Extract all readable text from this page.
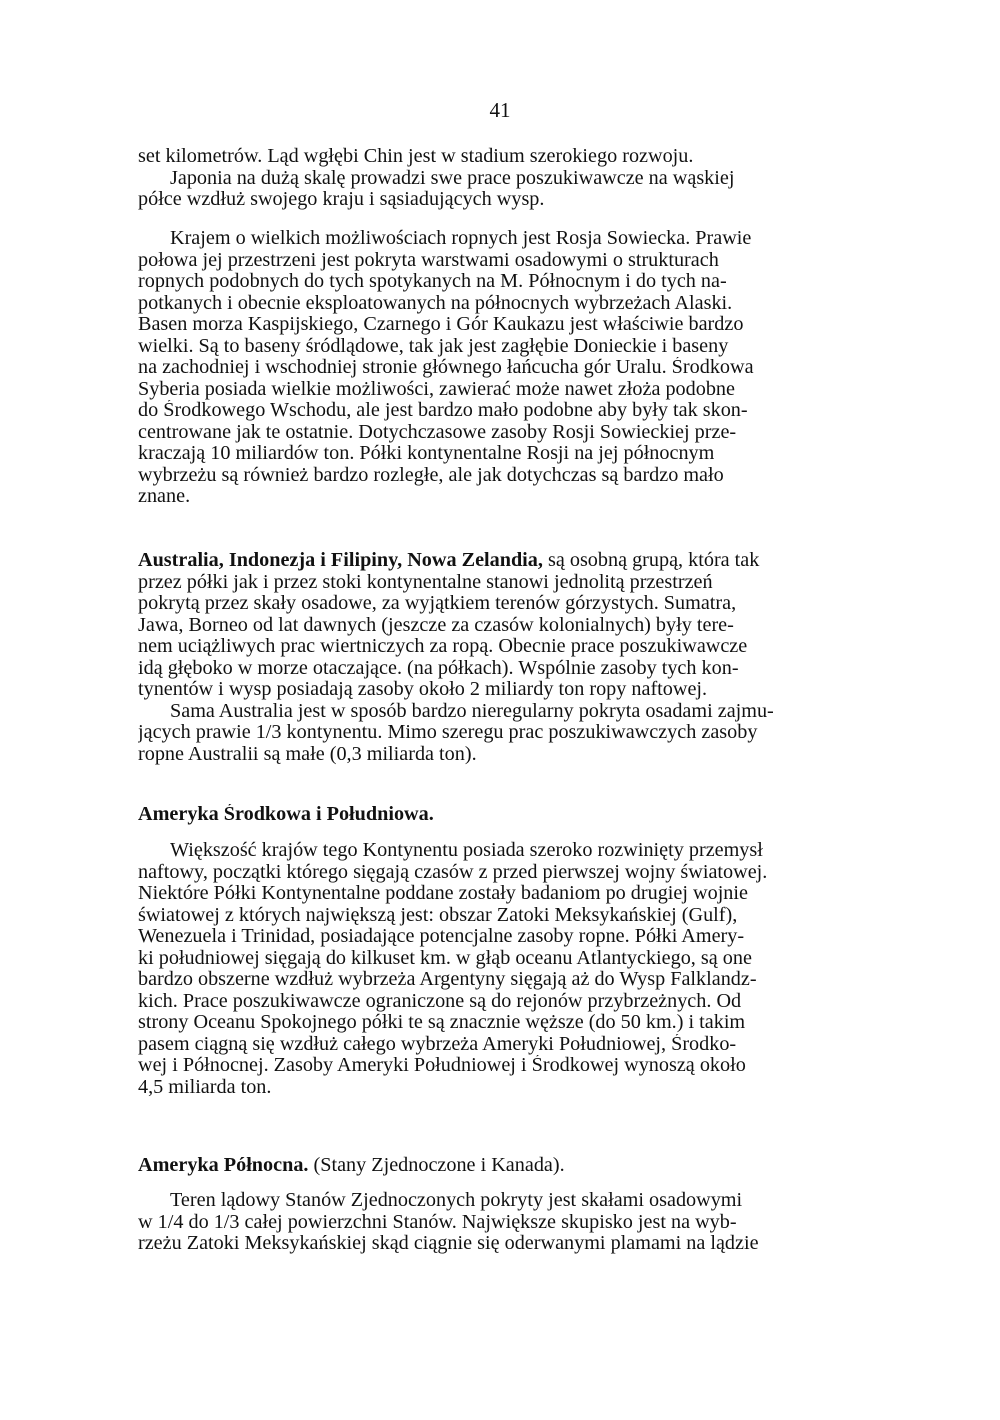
41
set kilometrów. Ląd wgłębi Chin jest w stadium szerokiego rozwoju.
Japonia na dużą skalę prowadzi swe prace poszukiwawcze na wąskiej
półce wzdłuż swojego kraju i sąsiadujących wysp.
Krajem o wielkich możliwościach ropnych jest Rosja Sowiecka. Prawie
połowa jej przestrzeni jest pokryta warstwami osadowymi o strukturach
ropnych podobnych do tych spotykanych na M. Północnym i do tych na-
potkanych i obecnie eksploatowanych na północnych wybrzeżach Alaski.
Basen morza Kaspijskiego, Czarnego i Gór Kaukazu jest właściwie bardzo
wielki. Są to baseny śródlądowe, tak jak jest zagłębie Donieckie i baseny
na zachodniej i wschodniej stronie głównego łańcucha gór Uralu. Środkowa
Syberia posiada wielkie możliwości, zawierać może nawet złoża podobne
do Środkowego Wschodu, ale jest bardzo mało podobne aby były tak skon-
centrowane jak te ostatnie. Dotychczasowe zasoby Rosji Sowieckiej prze-
kraczają 10 miliardów ton. Półki kontynentalne Rosji na jej północnym
wybrzeżu są również bardzo rozległe, ale jak dotychczas są bardzo mało
znane.
Australia, Indonezja i Filipiny, Nowa Zelandia, są osobną grupą, która tak
przez półki jak i przez stoki kontynentalne stanowi jednolitą przestrzeń
pokrytą przez skały osadowe, za wyjątkiem terenów górzystych. Sumatra,
Jawa, Borneo od lat dawnych (jeszcze za czasów kolonialnych) były tere-
nem uciążliwych prac wiertniczych za ropą. Obecnie prace poszukiwawcze
idą głęboko w morze otaczające. (na półkach). Wspólnie zasoby tych kon-
tynentów i wysp posiadają zasoby około 2 miliardy ton ropy naftowej.
Sama Australia jest w sposób bardzo nieregularny pokryta osadami zajmu-
jących prawie 1/3 kontynentu. Mimo szeregu prac poszukiwawczych zasoby
ropne Australii są małe (0,3 miliarda ton).
Ameryka Środkowa i Południowa.
Większość krajów tego Kontynentu posiada szeroko rozwinięty przemysł
naftowy, początki którego sięgają czasów z przed pierwszej wojny światowej.
Niektóre Półki Kontynentalne poddane zostały badaniom po drugiej wojnie
światowej z których największą jest: obszar Zatoki Meksykańskiej (Gulf),
Wenezuela i Trinidad, posiadające potencjalne zasoby ropne. Półki Amery-
ki południowej sięgają do kilkuset km. w głąb oceanu Atlantyckiego, są one
bardzo obszerne wzdłuż wybrzeża Argentyny sięgają aż do Wysp Falklandz-
kich. Prace poszukiwawcze ograniczone są do rejonów przybrzeżnych. Od
strony Oceanu Spokojnego półki te są znacznie węższe (do 50 km.) i takim
pasem ciągną się wzdłuż całego wybrzeża Ameryki Południowej, Środko-
wej i Północnej. Zasoby Ameryki Południowej i Środkowej wynoszą około
4,5 miliarda ton.
Ameryka Północna. (Stany Zjednoczone i Kanada).
Teren lądowy Stanów Zjednoczonych pokryty jest skałami osadowymi
w 1/4 do 1/3 całej powierzchni Stanów. Największe skupisko jest na wyb-
rzeżu Zatoki Meksykańskiej skąd ciągnie się oderwanymi plamami na lądzie
